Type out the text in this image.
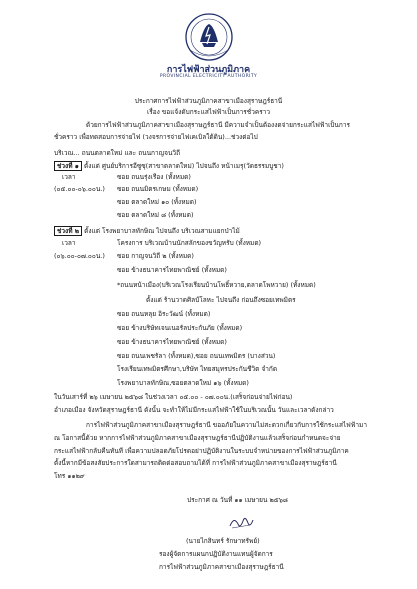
การไฟฟ้าส่วนภูมิภาค
PROVINCIAL ELECTRICITY AUTHORITY
ประกาศการไฟฟ้าส่วนภูมิภาคสาขาเมืองสุราษฎร์ธานี
เรื่อง ขอแจ้งดับกระแสไฟฟ้าเป็นการชั่วคราว
ด้วยการไฟฟ้าส่วนภูมิภาคสาขาเมืองสุราษฎร์ธานี มีความจำเป็นต้องงดจ่ายกระแสไฟฟ้าเป็นการ
ชั่วคราว เพื่อทดสอบการจ่ายไฟ (วงจรการจ่ายไฟเคเบิลใต้ดิน)...ช่วงต่อไป
บริเวณ... ถนนตลาดใหม่ และ ถนนกาญจนวิถี
ช่วงที่ ๑ ตั้งแต่ ศูนย์บริการอีซูซุ(สาขาตลาดใหม่) ไปจนถึง หน้าเมรุ(วัดธรรมบูชา)
เวลา	ซอย ถนนรุ่งเรือง (ทั้งหมด)
(๐๕.๐๐-๐๖.๐๐น.) ซอย ถนนมิตรเกษม (ทั้งหมด)
ซอย ตลาดใหม่ ๑๐ (ทั้งหมด)
ซอย ตลาดใหม่ ๘ (ทั้งหมด)
ช่วงที่ ๒ ตั้งแต่ โรงพยาบาลทักษิณ ไปจนถึง บริเวณสามแยกป่าไม้
เวลา	โครงการ บริเวณบ้านนักสลักของขวัญหรับ (ทั้งหมด)
(๐๖.๐๐-๐๗.๐๐น.) ซอย กาญจนวิถี ๒ (ทั้งหมด)
ซอย ข้างธนาคารไทยพาณิชย์ (ทั้งหมด)
*ถนนหน้าเมือง(บริเวณโรงเรียนบ้านโพธิ์หวาย,ตลาดโพหวาย) (ทั้งหมด)
ตั้งแต่ ร้านวาดศิลป์โลหะ ไปจนถึง ก่อนถึงซอยเทพมิตร
ซอย ถนนหลุย อิระวัฒน์ (ทั้งหมด)
ซอย ข้างบริษัทเจนเนอรัลประกันภัย (ทั้งหมด)
ซอย ข้างธนาคารไทยพาณิชย์ (ทั้งหมด)
ซอย ถนนเพชรัลา (ทั้งหมด),ซอย ถนนเทพมิตร (บางส่วน)
โรงเรียนเทพมิตรศึกษา,บริษัท ไทยสมุทรประกันชีวิต จำกัด
โรงพยาบาลทักษิณ,ซอยตลาดใหม่ ๑๖ (ทั้งหมด)
ในวันเสาร์ที่ ๒๖ เมษายน ๒๕๖๘ ในช่วงเวลา ๐๕.๐๐ - ๐๗.๐๐น.(เสร็จก่อนจ่ายไฟก่อน)
อำเภอเมือง จังหวัดสุราษฎร์ธานี ดังนั้น จะทำให้ไม่มีกระแสไฟฟ้าใช้ในบริเวณนั้น วันและเวลาดังกล่าว
การไฟฟ้าส่วนภูมิภาคสาขาเมืองสุราษฎร์ธานี ขออภัยในความไม่สะดวกเกี่ยวกับการใช้กระแสไฟฟ้ามา
ณ โอกาสนี้ด้วย หากการไฟฟ้าส่วนภูมิภาคสาขาเมืองสุราษฎร์ธานีปฏิบัติงานแล้วเสร็จก่อนกำหนดจะจ่าย
กระแสไฟฟ้ากลับคืนทันที เพื่อความปลอดภัยโปรดอย่าปฏิบัติงานในระบบจำหน่ายของการไฟฟ้าส่วนภูมิภาค
ตั้งนี้หากมีข้อสงสัยประการใดสามารถติดต่อสอบถามได้ที่ การไฟฟ้าส่วนภูมิภาคสาขาเมืองสุราษฎร์ธานี
โทร ๑๑๒๙
ประกาศ ณ วันที่ ๑๑ เมษายน ๒๕๖๘
(นายไกสินทร์ รักษาทรัพย์)
รองผู้จัดการแผนกปฏิบัติงานแทนผู้จัดการ
การไฟฟ้าส่วนภูมิภาคสาขาเมืองสุราษฎร์ธานี
